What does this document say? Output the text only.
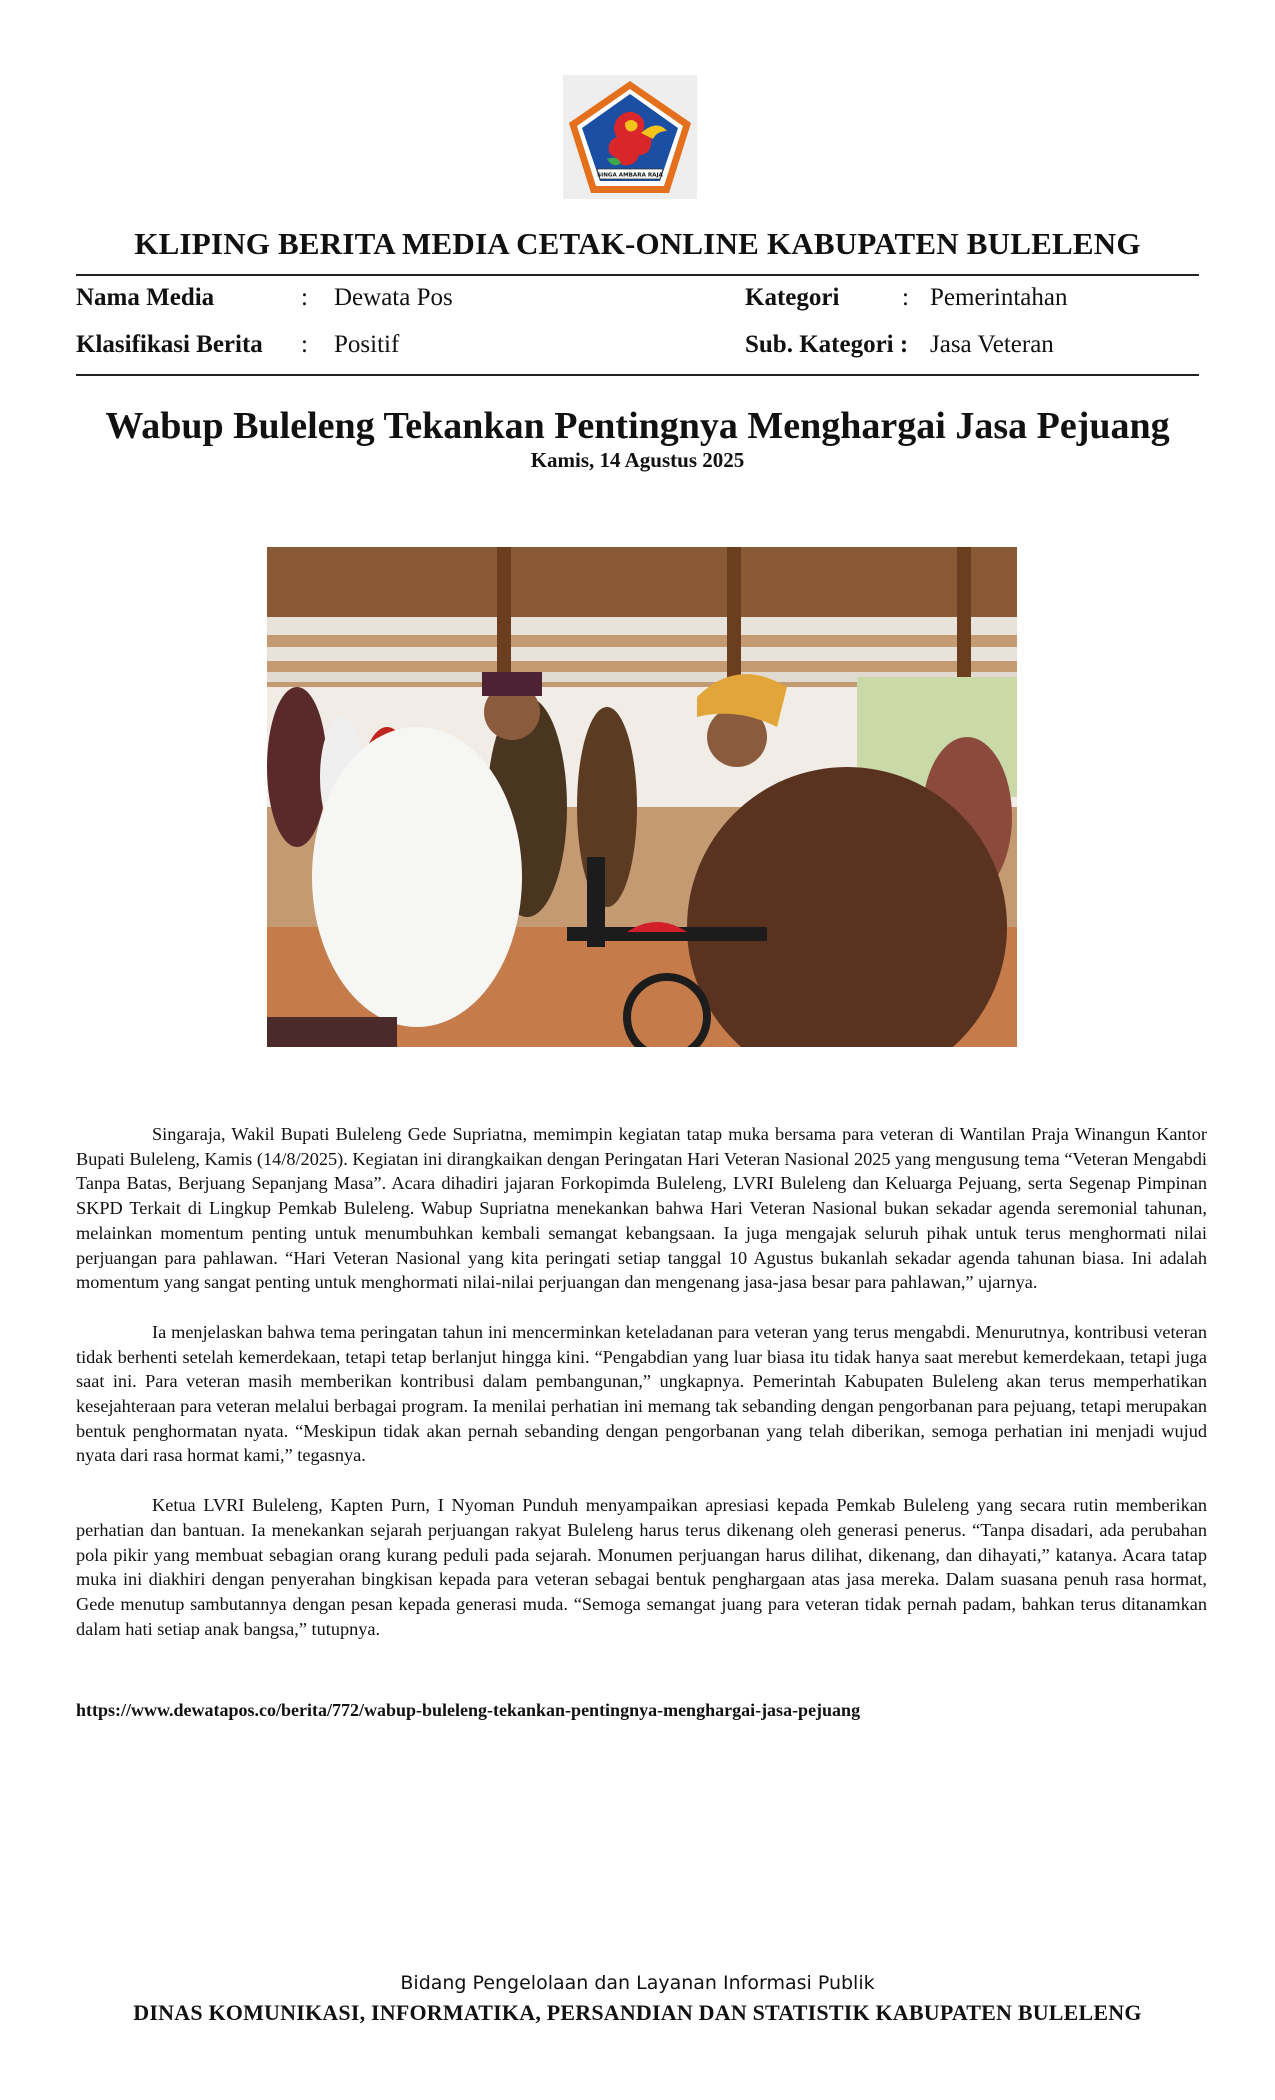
SINGA AMBARA RAJA
KLIPING BERITA MEDIA CETAK-ONLINE KABUPATEN BULELENG
Nama Media	: Dewata Pos
Klasifikasi Berita : Positif
Kategori	: Pemerintahan
Sub. Kategori : Jasa Veteran
Wabup Buleleng Tekankan Pentingnya Menghargai Jasa Pejuang
Kamis, 14 Agustus 2025

Singaraja, Wakil Bupati Buleleng Gede Supriatna, memimpin kegiatan tatap muka bersama para veteran di Wantilan Praja Winangun Kantor Bupati Buleleng, Kamis (14/8/2025). Kegiatan ini dirangkaikan dengan Peringatan Hari Veteran Nasional 2025 yang mengusung tema “Veteran Mengabdi Tanpa Batas, Berjuang Sepanjang Masa”. Acara dihadiri jajaran Forkopimda Buleleng, LVRI Buleleng dan Keluarga Pejuang, serta Segenap Pimpinan SKPD Terkait di Lingkup Pemkab Buleleng. Wabup Supriatna menekankan bahwa Hari Veteran Nasional bukan sekadar agenda seremonial tahunan, melainkan momentum penting untuk menumbuhkan kembali semangat kebangsaan. Ia juga mengajak seluruh pihak untuk terus menghormati nilai perjuangan para pahlawan. “Hari Veteran Nasional yang kita peringati setiap tanggal 10 Agustus bukanlah sekadar agenda tahunan biasa. Ini adalah momentum yang sangat penting untuk menghormati nilai-nilai perjuangan dan mengenang jasa-jasa besar para pahlawan,” ujarnya.

Ia menjelaskan bahwa tema peringatan tahun ini mencerminkan keteladanan para veteran yang terus mengabdi. Menurutnya, kontribusi veteran tidak berhenti setelah kemerdekaan, tetapi tetap berlanjut hingga kini. “Pengabdian yang luar biasa itu tidak hanya saat merebut kemerdekaan, tetapi juga saat ini. Para veteran masih memberikan kontribusi dalam pembangunan,” ungkapnya. Pemerintah Kabupaten Buleleng akan terus memperhatikan kesejahteraan para veteran melalui berbagai program. Ia menilai perhatian ini memang tak sebanding dengan pengorbanan para pejuang, tetapi merupakan bentuk penghormatan nyata. “Meskipun tidak akan pernah sebanding dengan pengorbanan yang telah diberikan, semoga perhatian ini menjadi wujud nyata dari rasa hormat kami,” tegasnya.

Ketua LVRI Buleleng, Kapten Purn, I Nyoman Punduh menyampaikan apresiasi kepada Pemkab Buleleng yang secara rutin memberikan perhatian dan bantuan. Ia menekankan sejarah perjuangan rakyat Buleleng harus terus dikenang oleh generasi penerus. “Tanpa disadari, ada perubahan pola pikir yang membuat sebagian orang kurang peduli pada sejarah. Monumen perjuangan harus dilihat, dikenang, dan dihayati,” katanya. Acara tatap muka ini diakhiri dengan penyerahan bingkisan kepada para veteran sebagai bentuk penghargaan atas jasa mereka. Dalam suasana penuh rasa hormat, Gede menutup sambutannya dengan pesan kepada generasi muda. “Semoga semangat juang para veteran tidak pernah padam, bahkan terus ditanamkan dalam hati setiap anak bangsa,” tutupnya.

https://www.dewatapos.co/berita/772/wabup-buleleng-tekankan-pentingnya-menghargai-jasa-pejuang
Bidang Pengelolaan dan Layanan Informasi Publik
DINAS KOMUNIKASI, INFORMATIKA, PERSANDIAN DAN STATISTIK KABUPATEN BULELENG
